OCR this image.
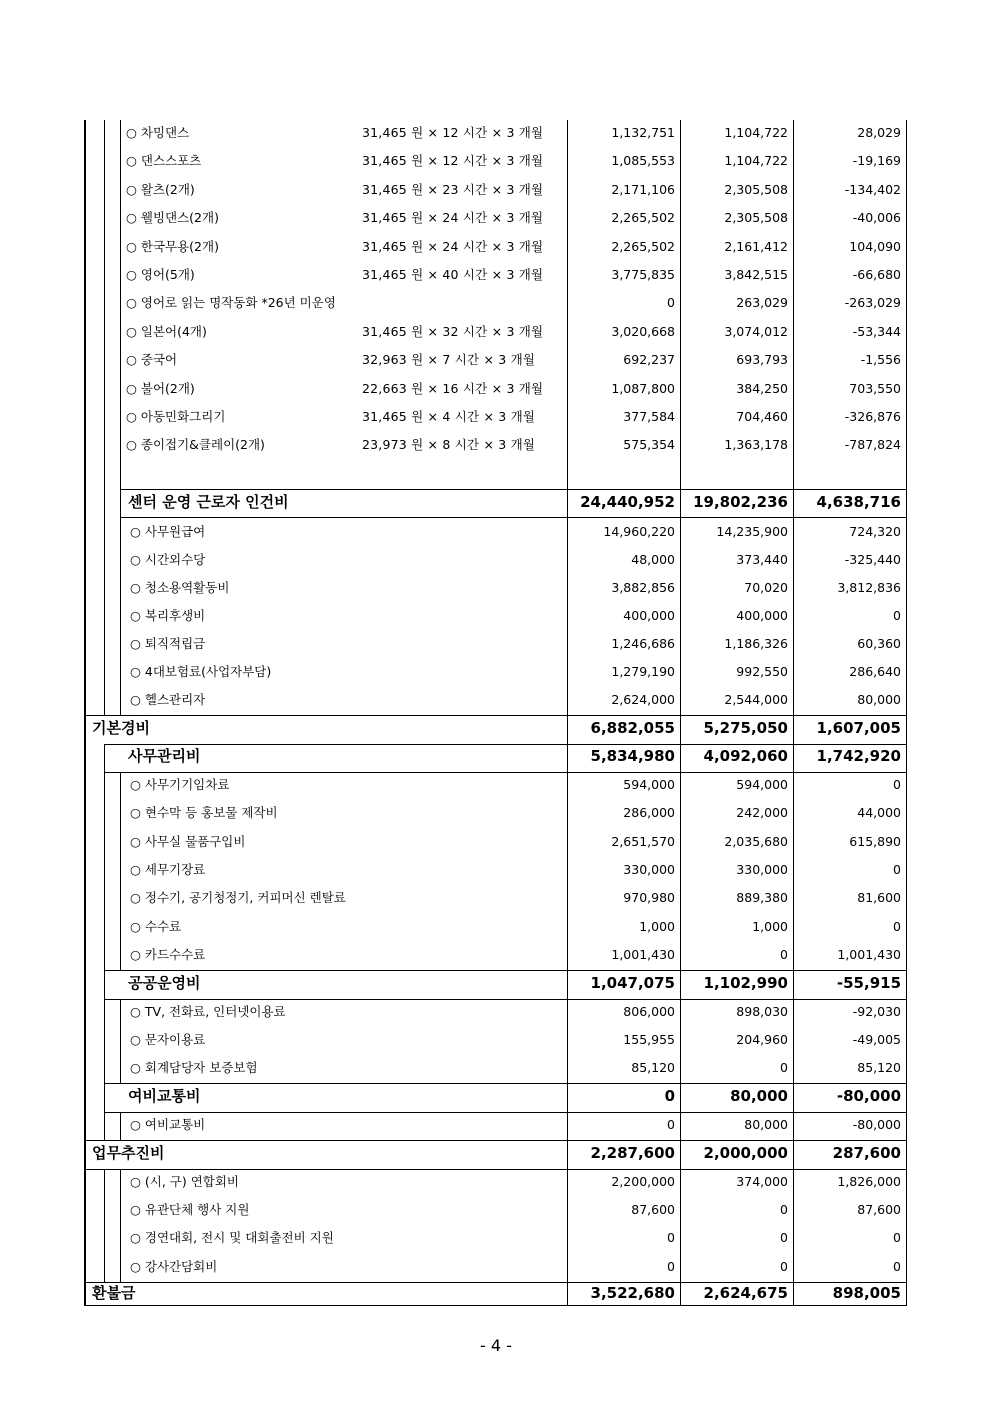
○ 차밍댄스	31,465 원 × 12 시간 × 3 개월	1,132,751	1,104,722	28,029
○ 댄스스포츠	31,465 원 × 12 시간 × 3 개월	1,085,553	1,104,722	-19,169
○ 왈츠(2개)	31,465 원 × 23 시간 × 3 개월	2,171,106	2,305,508	-134,402
○ 웰빙댄스(2개)	31,465 원 × 24 시간 × 3 개월	2,265,502	2,305,508	-40,006
○ 한국무용(2개)	31,465 원 × 24 시간 × 3 개월	2,265,502	2,161,412	104,090
○ 영어(5개)	31,465 원 × 40 시간 × 3 개월	3,775,835	3,842,515	-66,680
○ 영어로 읽는 명작동화 *26년 미운영	0	263,029	-263,029
○ 일본어(4개)	31,465 원 × 32 시간 × 3 개월	3,020,668	3,074,012	-53,344
○ 중국어	32,963 원 × 7 시간 × 3 개월	692,237	693,793	-1,556
○ 불어(2개)	22,663 원 × 16 시간 × 3 개월	1,087,800	384,250	703,550
○ 아동민화그리기	31,465 원 × 4 시간 × 3 개월	377,584	704,460	-326,876
○ 종이접기&클레이(2개)	23,973 원 × 8 시간 × 3 개월	575,354	1,363,178	-787,824
센터 운영 근로자 인건비	24,440,952	19,802,236	4,638,716
○ 사무원급여	14,960,220	14,235,900	724,320
○ 시간외수당	48,000	373,440	-325,440
○ 청소용역활동비	3,882,856	70,020	3,812,836
○ 복리후생비	400,000	400,000	0
○ 퇴직적립금	1,246,686	1,186,326	60,360
○ 4대보험료(사업자부담)	1,279,190	992,550	286,640
○ 헬스관리자	2,624,000	2,544,000	80,000
기본경비	6,882,055	5,275,050	1,607,005
사무관리비	5,834,980	4,092,060	1,742,920
○ 사무기기임차료	594,000	594,000	0
○ 현수막 등 홍보물 제작비	286,000	242,000	44,000
○ 사무실 물품구입비	2,651,570	2,035,680	615,890
○ 세무기장료	330,000	330,000	0
○ 정수기, 공기청정기, 커피머신 렌탈료	970,980	889,380	81,600
○ 수수료	1,000	1,000	0
○ 카드수수료	1,001,430	0	1,001,430
공공운영비	1,047,075	1,102,990	-55,915
○ TV, 전화료, 인터넷이용료	806,000	898,030	-92,030
○ 문자이용료	155,955	204,960	-49,005
○ 회계담당자 보증보험	85,120	0	85,120
여비교통비	0	80,000	-80,000
○ 여비교통비	0	80,000	-80,000
업무추진비	2,287,600	2,000,000	287,600
○ (시, 구) 연합회비	2,200,000	374,000	1,826,000
○ 유관단체 행사 지원	87,600	0	87,600
○ 경연대회, 전시 및 대회출전비 지원	0	0	0
○ 강사간담회비	0	0	0
환불금	3,522,680	2,624,675	898,005
- 4 -
